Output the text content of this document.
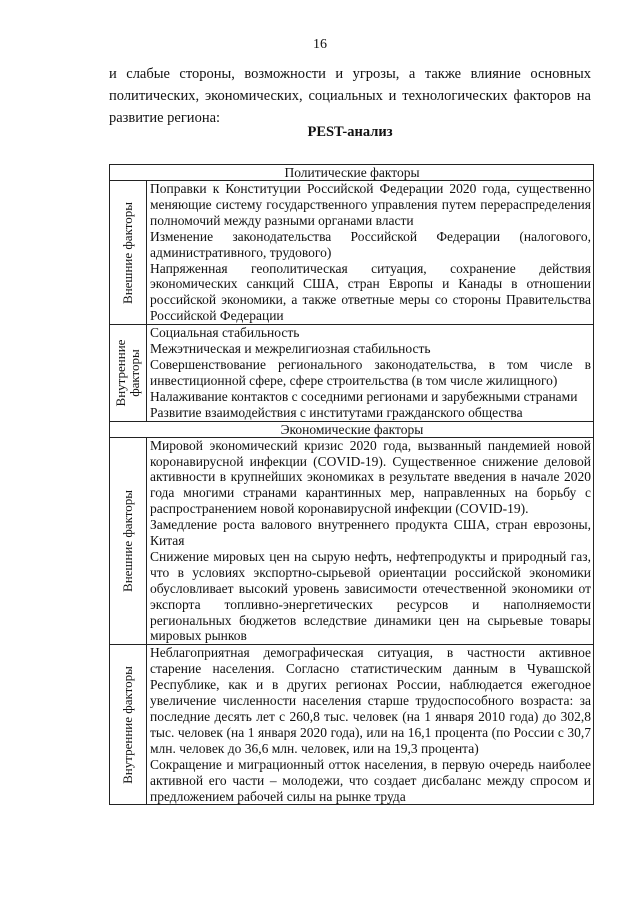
16
и слабые стороны, возможности и угрозы, а также влияние основных политических, экономических, социальных и технологических факторов на развитие региона:
PEST-анализ
Политические факторы	

Внешние факторы	Поправки к Конституции Российской Федерации 2020 года, существенно меняющие систему государственного управления путем перераспределения полномочий между разными органами власти

Изменение законодательства Российской Федерации (налогового, административного, трудового)

Напряженная геополитическая ситуация, сохранение действия экономических санкций США, стран Европы и Канады в отношении российской экономики, а также ответные меры со стороны Правительства Российской Федерации

Внутренние факторы	Социальная стабильность

Межэтническая и межрелигиозная стабильность

Совершенствование регионального законодательства, в том числе в инвестиционной сфере, сфере строительства (в том числе жилищного)

Налаживание контактов с соседними регионами и зарубежными странами

Развитие взаимодействия с институтами гражданского общества

Экономические факторы	

Внешние факторы	Мировой экономический кризис 2020 года, вызванный пандемией новой коронавирусной инфекции (COVID-19). Существенное снижение деловой активности в крупнейших экономиках в результате введения в начале 2020 года многими странами карантинных мер, направленных на борьбу с распространением новой коронавирусной инфекции (COVID-19).

Замедление роста валового внутреннего продукта США, стран еврозоны, Китая

Снижение мировых цен на сырую нефть, нефтепродукты и природный газ, что в условиях экспортно-сырьевой ориентации российской экономики обусловливает высокий уровень зависимости отечественной экономики от экспорта топливно-энергетических ресурсов и наполняемости региональных бюджетов вследствие динамики цен на сырьевые товары мировых рынков

Внутренние факторы	Неблагоприятная демографическая ситуация, в частности активное старение населения. Согласно статистическим данным в Чувашской Республике, как и в других регионах России, наблюдается ежегодное увеличение численности населения старше трудоспособного возраста: за последние десять лет с 260,8 тыс. человек (на 1 января 2010 года) до 302,8 тыс. человек (на 1 января 2020 года), или на 16,1 процента (по России с 30,7 млн. человек до 36,6 млн. человек, или на 19,3 процента)

Сокращение и миграционный отток населения, в первую очередь наиболее активной его части – молодежи, что создает дисбаланс между спросом и предложением рабочей силы на рынке труда
